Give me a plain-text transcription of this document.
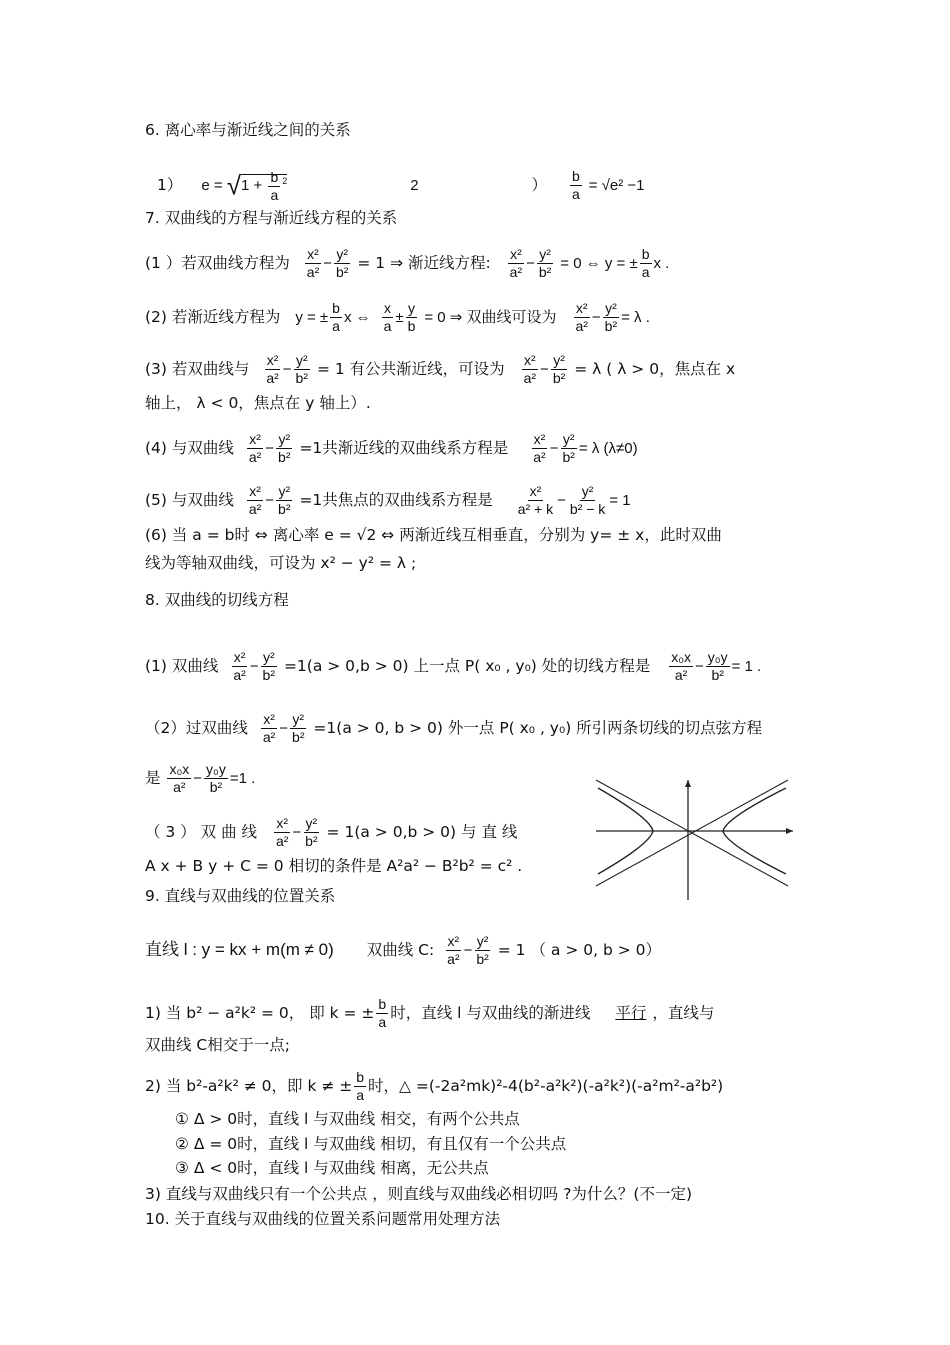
6. 离心率与渐近线之间的关系
1） $e = √1 + \frac{b}{a} ^2$	2	） $\frac{b}{a} = √e^2 -1$
7. 双曲线的方程与渐近线方程的关系
(1 ）若双曲线方程为 $\frac{\text{x²}}{\text{a²}} - \frac{\text{y²}}{\text{b²}} = 1$ ⇒ 渐近线方程: $\frac{\text{x²}}{\text{a²}} - \frac{\text{y²}}{\text{b²}} = 0$ ⇔ y = ± $\frac{b}{a}$ x .
(2) 若渐近线方程为 y = ± $\frac{b}{a}$ x ⇔ $\frac{x}{a} \pm \frac{y}{b} = 0$ ⇒ 双曲线可设为 $\frac{\text{x²}}{\text{a²}} - \frac{\text{y²}}{\text{b²}} = \lambda$ .
(3) 若双曲线与 $\frac{\text{x²}}{\text{a²}} - \frac{\text{y²}}{\text{b²}} = 1$ 有公共渐近线，可设为 $\frac{\text{x²}}{\text{a²}} - \frac{\text{y²}}{\text{b²}} = \lambda$ ( λ > 0，焦点在 x
轴上， λ < 0，焦点在 y 轴上）.
(4) 与双曲线 $\frac{\text{x²}}{\text{a²}} - \frac{\text{y²}}{\text{b²}} =1$共渐近线的双曲线系方程是 $\frac{\text{x²}}{\text{a²}} - \frac{\text{y²}}{\text{b²}} = \lambda$ (λ≠0)
(5) 与双曲线 $\frac{\text{x²}}{\text{a²}} - \frac{\text{y²}}{\text{b²}} =1$共焦点的双曲线系方程是 $\frac{\text{x²}}{\text{a² + k}} - \frac{\text{y²}}{\text{b² − k}} = 1$
(6) 当 a = b时 ⇔ 离心率 e = √2 ⇔ 两渐近线互相垂直，分别为 y= ± x，此时双曲
线为等轴双曲线，可设为 x² − y² = λ ;
8. 双曲线的切线方程
(1) 双曲线 $\frac{\text{x²}}{\text{a²}} - \frac{\text{y²}}{\text{b²}} =1(a > 0,b > 0)$ 上一点 P( x₀ , y₀) 处的切线方程是 $\frac{\text{x₀x}}{\text{a²}} - \frac{\text{y₀y}}{\text{b²}} = 1$ .
（2）过双曲线 $\frac{\text{x²}}{\text{a²}} - \frac{\text{y²}}{\text{b²}} =1(a > 0$, b > 0) 外一点 P( x₀ , y₀) 所引两条切线的切点弦方程
是 $\frac{\text{x₀x}}{\text{a²}} - \frac{\text{y₀y}}{\text{b²}} =1$ .
（ 3 ） 双 曲 线 $\frac{\text{x²}}{\text{a²}} - \frac{\text{y²}}{\text{b²}} = 1(a > 0,b > 0)$ 与 直 线
A x + B y + C = 0 相切的条件是 A²a² − B²b² = c² .
9. 直线与双曲线的位置关系
直线 l : y = kx + m(m ≠ 0) 双曲线 C: $\frac{\text{x²}}{\text{a²}} - \frac{\text{y²}}{\text{b²}} = 1$ （ a > 0, b > 0）
1) 当 b² − a²k² = 0， 即 k = ± $\frac{b}{a}$ 时，直线 l 与双曲线的渐进线 平行 ，直线与
双曲线 C相交于一点;
2) 当 b²-a²k² ≠ 0，即 k ≠ ± $\frac{b}{a}$ 时，△ =(-2a²mk)²-4(b²-a²k²)(-a²k²)(-a²m²-a²b²)
① Δ > 0时，直线 l 与双曲线 相交，有两个公共点
② Δ = 0时，直线 l 与双曲线 相切，有且仅有一个公共点
③ Δ < 0时，直线 l 与双曲线 相离，无公共点
3) 直线与双曲线只有一个公共点 ，则直线与双曲线必相切吗 ?为什么？(不一定)
10. 关于直线与双曲线的位置关系问题常用处理方法
